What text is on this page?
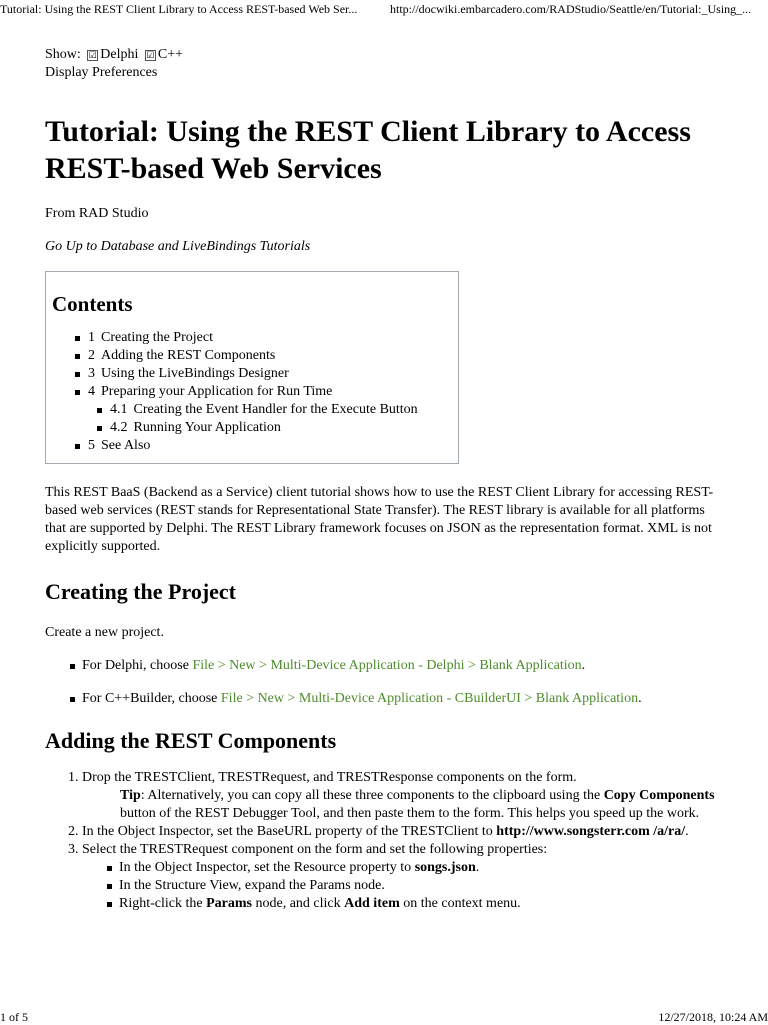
Tutorial: Using the REST Client Library to Access REST-based Web Ser...	http://docwiki.embarcadero.com/RADStudio/Seattle/en/Tutorial:_Using_...

Show: ☑ Delphi ☑ C++

Display Preferences

Tutorial: Using the REST Client Library to Access
REST-based Web Services

From RAD Studio

Go Up to Database and LiveBindings Tutorials

Contents
1 Creating the Project
2 Adding the REST Components
3 Using the LiveBindings Designer
4 Preparing your Application for Run Time
4.1 Creating the Event Handler for the Execute Button
4.2 Running Your Application
5 See Also

This REST BaaS (Backend as a Service) client tutorial shows how to use the REST Client Library for accessing REST-based web services (REST stands for Representational State Transfer). The REST library is available for all platforms that are supported by Delphi. The REST Library framework focuses on JSON as the representation format. XML is not explicitly supported.

Creating the Project

Create a new project.

For Delphi, choose File > New > Multi-Device Application - Delphi > Blank Application.
For C++Builder, choose File > New > Multi-Device Application - CBuilderUI > Blank Application.
Adding the REST Components
1. Drop the TRESTClient, TRESTRequest, and TRESTResponse components on the form.
Tip: Alternatively, you can copy all these three components to the clipboard using the Copy Components button of the REST Debugger Tool, and then paste them to the form. This helps you speed up the work.
2. In the Object Inspector, set the BaseURL property of the TRESTClient to http://www.songsterr.com /a/ra/.
3. Select the TRESTRequest component on the form and set the following properties:
In the Object Inspector, set the Resource property to songs.json.
In the Structure View, expand the Params node.
Right-click the Params node, and click Add item on the context menu.
1 of 5	12/27/2018, 10:24 AM
